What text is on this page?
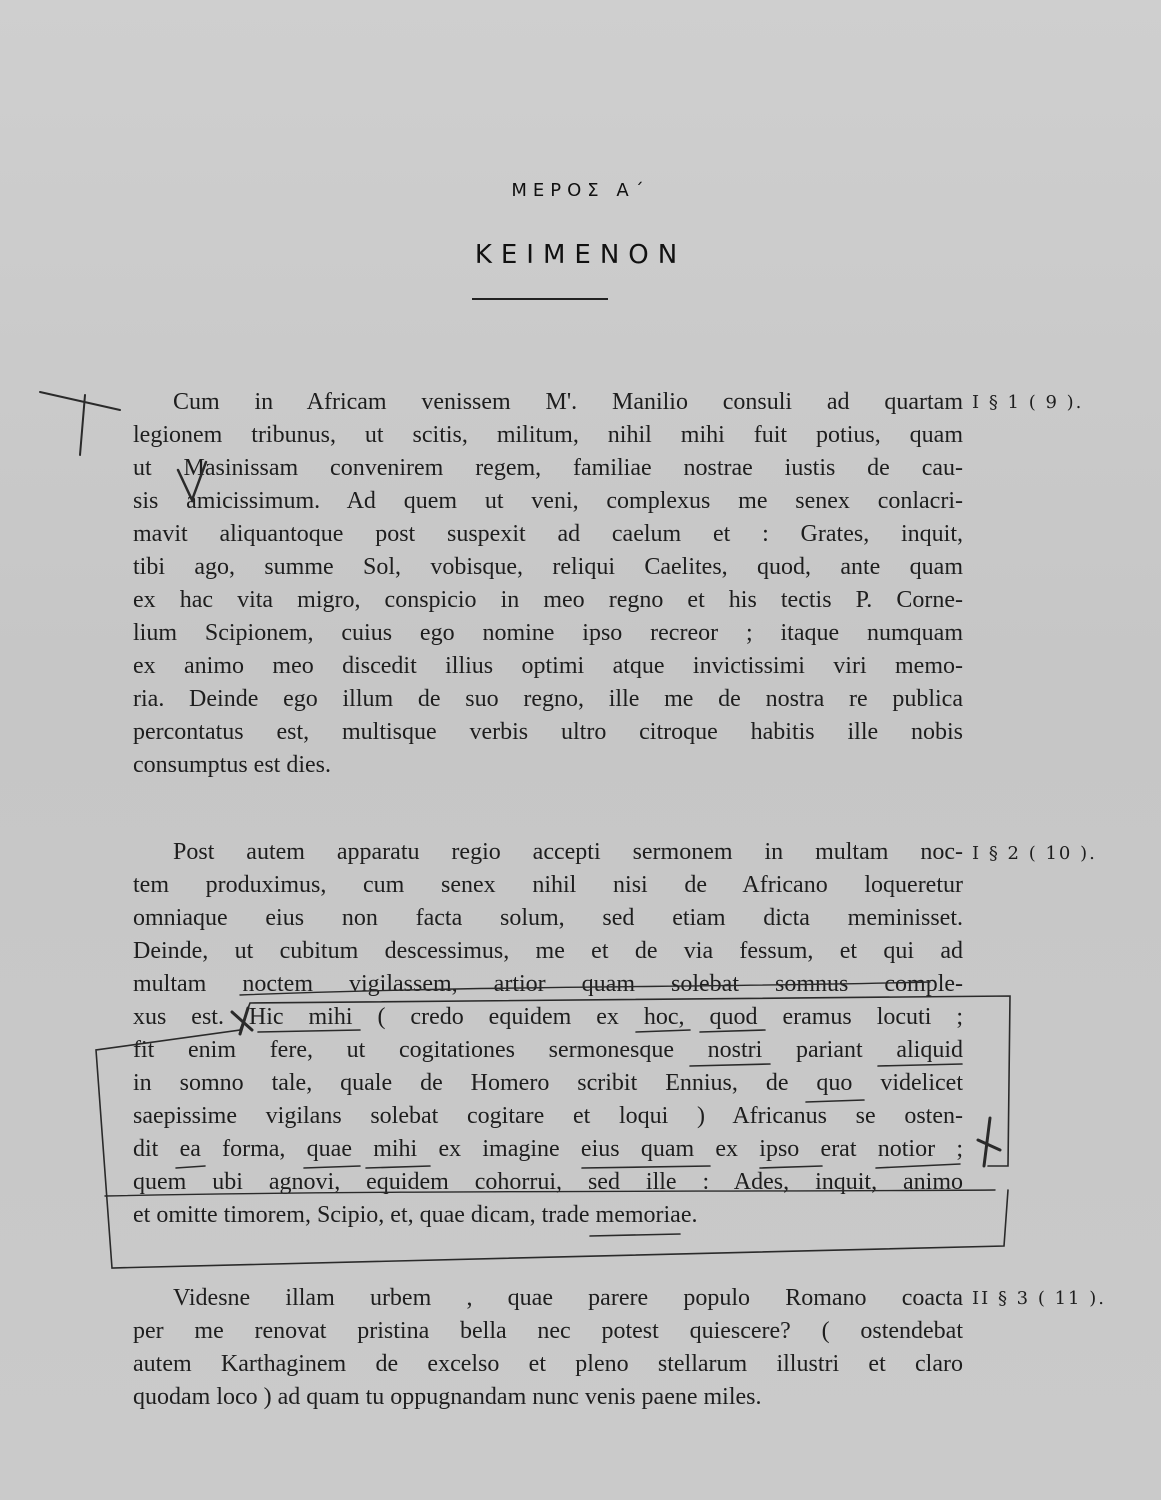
ΜΕΡΟΣ Α΄
ΚΕΙΜΕΝΟΝ
Cum in Africam venissem M'. Manilio consuli ad quartam
legionem tribunus, ut scitis, militum, nihil mihi fuit potius, quam
ut Masinissam convenirem regem, familiae nostrae iustis de cau-
sis amicissimum. Ad quem ut veni, complexus me senex conlacri-
mavit aliquantoque post suspexit ad caelum et : Grates, inquit,
tibi ago, summe Sol, vobisque, reliqui Caelites, quod, ante quam
ex hac vita migro, conspicio in meo regno et his tectis P. Corne-
lium Scipionem, cuius ego nomine ipso recreor ; itaque numquam
ex animo meo discedit illius optimi atque invictissimi viri memo-
ria. Deinde ego illum de suo regno, ille me de nostra re publica
percontatus est, multisque verbis ultro citroque habitis ille nobis
consumptus est dies.
I § 1 ( 9 ).
Post autem apparatu regio accepti sermonem in multam noc-
tem produximus, cum senex nihil nisi de Africano loqueretur
omniaque eius non facta solum, sed etiam dicta meminisset.
Deinde, ut cubitum descessimus, me et de via fessum, et qui ad
multam noctem vigilassem, artior quam solebat somnus comple-
xus est. Hic mihi ( credo equidem ex hoc, quod eramus locuti ;
fit enim fere, ut cogitationes sermonesque nostri pariant aliquid
in somno tale, quale de Homero scribit Ennius, de quo videlicet
saepissime vigilans solebat cogitare et loqui ) Africanus se osten-
dit ea forma, quae mihi ex imagine eius quam ex ipso erat notior ;
quem ubi agnovi, equidem cohorrui, sed ille : Ades, inquit, animo
et omitte timorem, Scipio, et, quae dicam, trade memoriae.
I § 2 ( 10 ).
Videsne illam urbem , quae parere populo Romano coacta
per me renovat pristina bella nec potest quiescere? ( ostendebat
autem Karthaginem de excelso et pleno stellarum illustri et claro
quodam loco ) ad quam tu oppugnandam nunc venis paene miles.
II § 3 ( 11 ).
